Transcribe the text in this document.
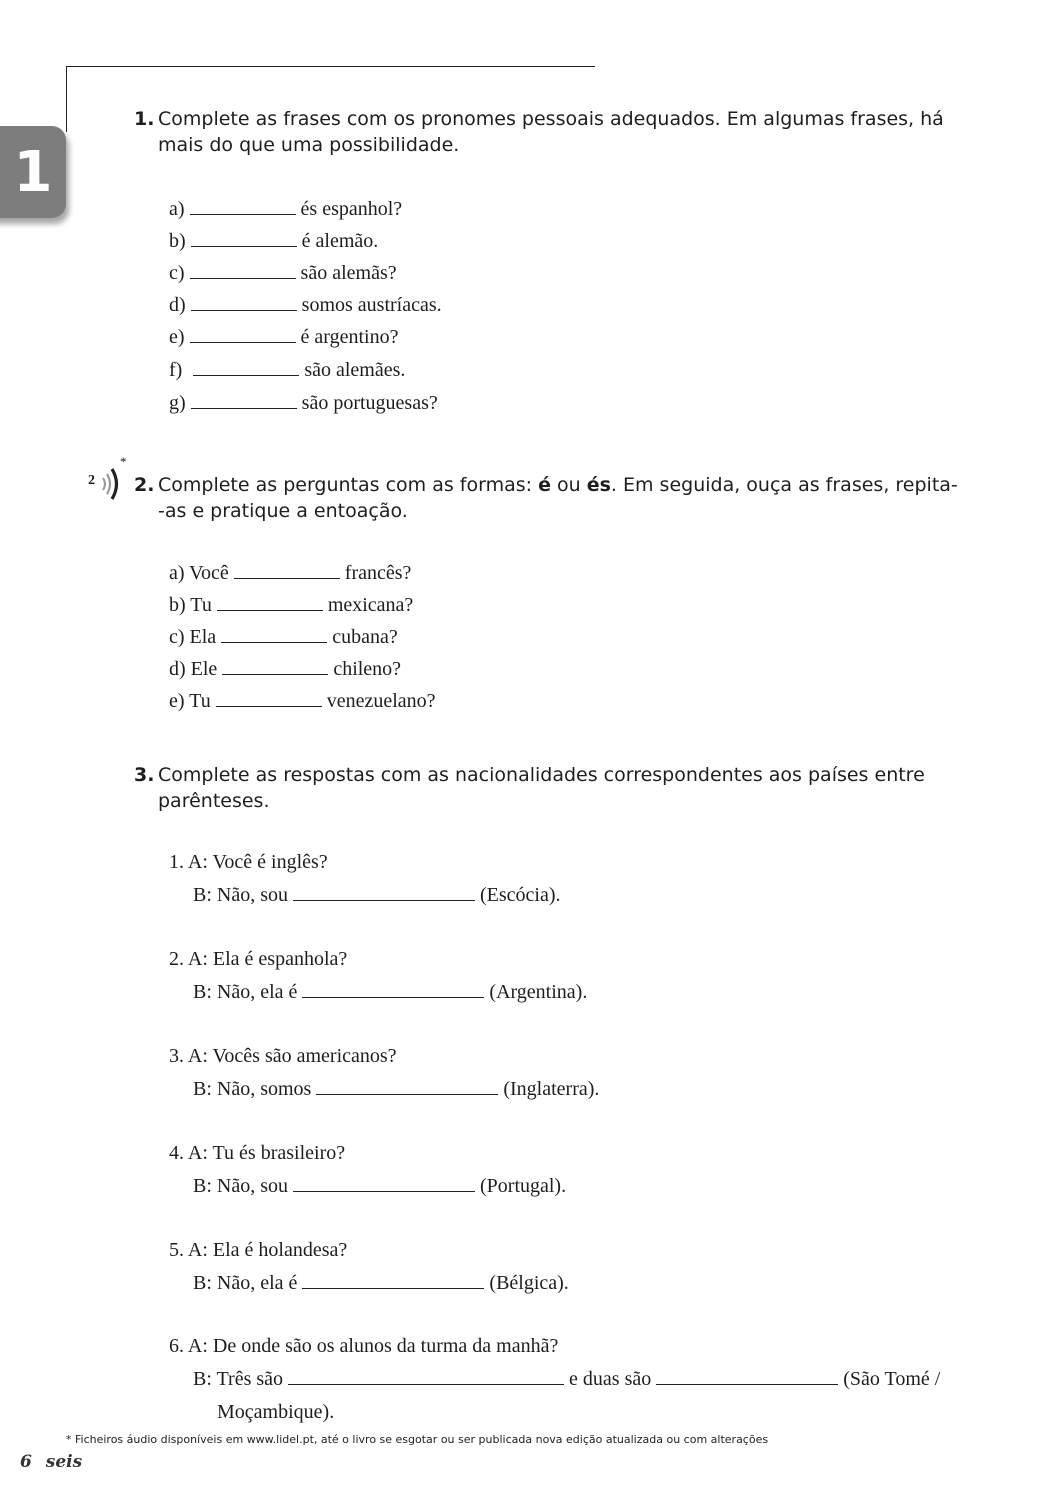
1

1. Complete as frases com os pronomes pessoais adequados. Em algumas frases, há
mais do que uma possibilidade.

a)	és espanhol?
b)	é alemão.
c)	são alemãs?
d)	somos austríacas.
e)	é argentino?
f)	são alemães.
g)	são portuguesas?
2
*

2. Complete as perguntas com as formas: é ou és. Em seguida, ouça as frases, repita-
-as e pratique a entoação.

a) Você	francês?
b) Tu	mexicana?
c) Ela	cubana?
d) Ele	chileno?
e) Tu	venezuelano?

3. Complete as respostas com as nacionalidades correspondentes aos países entre
parênteses.

1. A: Você é inglês?
B: Não, sou	(Escócia).
2. A: Ela é espanhola?
B: Não, ela é	(Argentina).
3. A: Vocês são americanos?
B: Não, somos	(Inglaterra).
4. A: Tu és brasileiro?
B: Não, sou	(Portugal).
5. A: Ela é holandesa?
B: Não, ela é	(Bélgica).
6. A: De onde são os alunos da turma da manhã?
B: Três são	e duas são	(São Tomé /
Moçambique).
* Ficheiros áudio disponíveis em www.lidel.pt, até o livro se esgotar ou ser publicada nova edição atualizada ou com alterações
6 seis
